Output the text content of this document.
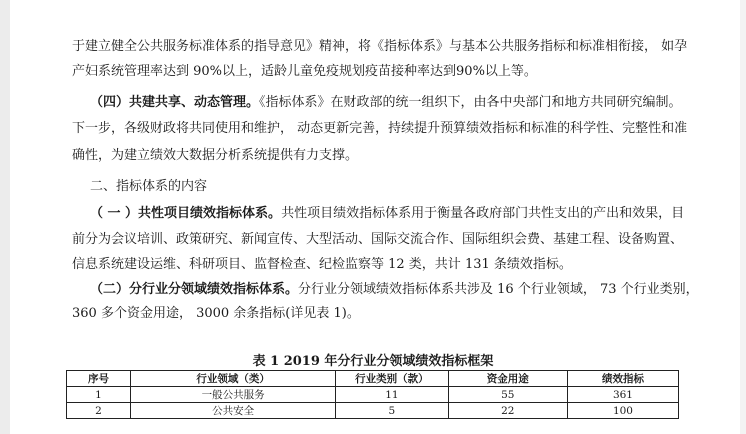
于建立健全公共服务标准体系的指导意见》精神，将《指标体系》与基本公共服务指标和标准相衔接， 如孕
产妇系统管理率达到 90%以上，适龄儿童免疫规划疫苗接种率达到90%以上等。
（四）共建共享、动态管理。《指标体系》在财政部的统一组织下，由各中央部门和地方共同研究编制。
下一步，各级财政将共同使用和维护， 动态更新完善，持续提升预算绩效指标和标准的科学性、完整性和准
确性，为建立绩效大数据分析系统提供有力支撑。
二、指标体系的内容
（ 一 ）共性项目绩效指标体系。共性项目绩效指标体系用于衡量各政府部门共性支出的产出和效果，目
前分为会议培训、政策研究、新闻宣传、大型活动、国际交流合作、国际组织会费、基建工程、设备购置、
信息系统建设运维、科研项目、监督检查、纪检监察等 12 类，共计 131 条绩效指标。
（二）分行业分领域绩效指标体系。分行业分领域绩效指标体系共涉及 16 个行业领域， 73 个行业类别，
360 多个资金用途， 3000 余条指标(详见表 1)。
表 1 2019 年分行业分领域绩效指标框架
序号	行业领域（类）	行业类别（款）	资金用途	绩效指标
1	一般公共服务	11	55	361
2	公共安全	5	22	100
